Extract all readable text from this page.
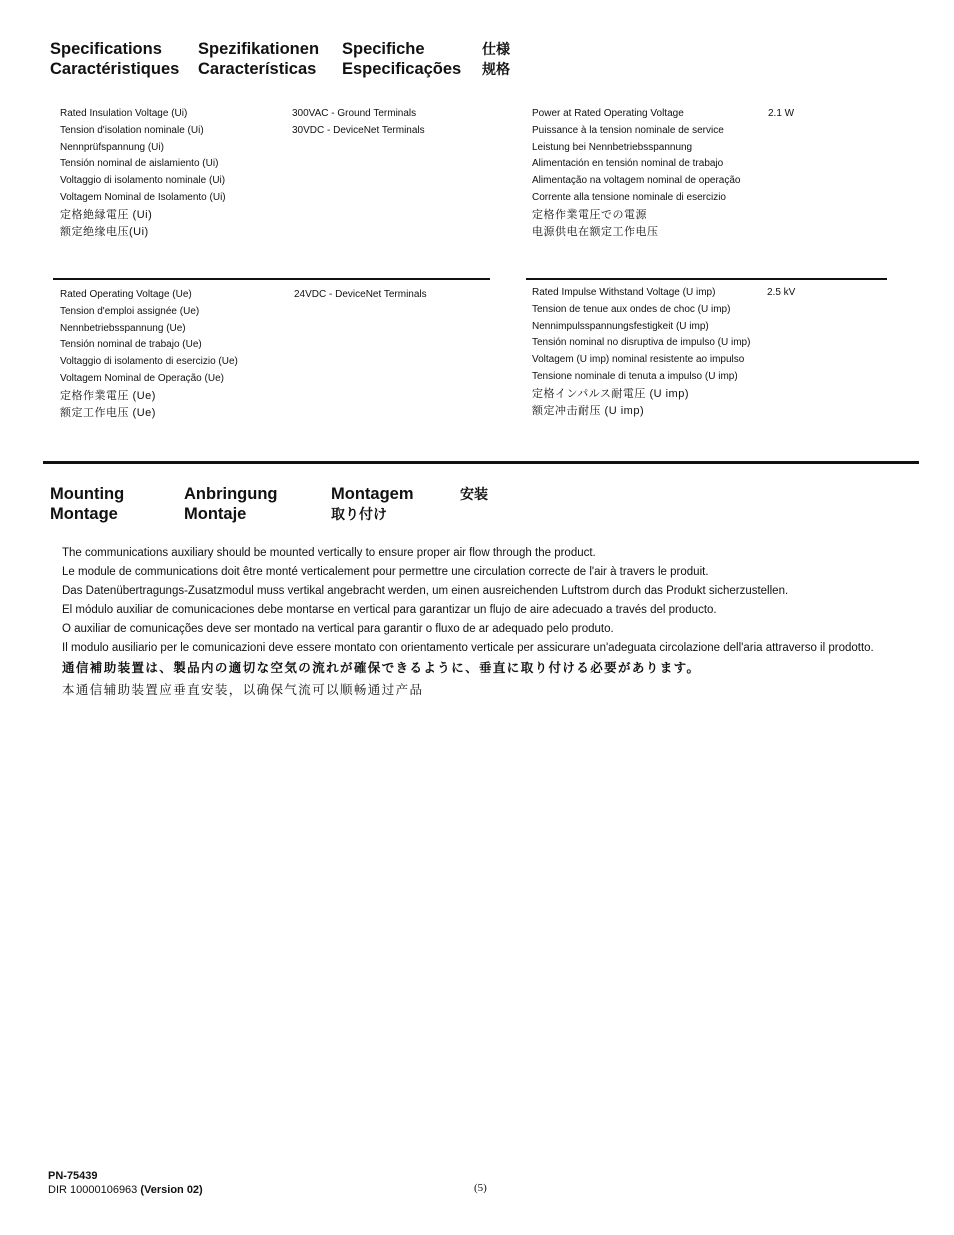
Specifications
Caractéristiques
Spezifikationen
Características
Specifiche
Especificações
仕様
规格
Rated Insulation Voltage (Ui)
Tension d'isolation nominale (Ui)
Nennprüfspannung (Ui)
Tensión nominal de aislamiento (Ui)
Voltaggio di isolamento nominale (Ui)
Voltagem Nominal de Isolamento (Ui)
定格絶縁電圧 (Ui)
额定绝缘电压(Ui)
300VAC - Ground Terminals
30VDC - DeviceNet Terminals
Power at Rated Operating Voltage
Puissance à la tension nominale de service
Leistung bei Nennbetriebsspannung
Alimentación en tensión nominal de trabajo
Alimentação na voltagem nominal de operação
Corrente alla tensione nominale di esercizio
定格作業電圧での電源
电源供电在额定工作电压
2.1 W
Rated Operating Voltage (Ue)
Tension d'emploi assignée (Ue)
Nennbetriebsspannung (Ue)
Tensión nominal de trabajo (Ue)
Voltaggio di isolamento di esercizio (Ue)
Voltagem Nominal de Operação (Ue)
定格作業電圧 (Ue)
额定工作电压 (Ue)
24VDC - DeviceNet Terminals	Rated Impulse Withstand Voltage (U imp)
Tension de tenue aux ondes de choc (U imp)
Nennimpulsspannungsfestigkeit (U imp)
Tensión nominal no disruptiva de impulso (U imp)
Voltagem (U imp) nominal resistente ao impulso
Tensione nominale di tenuta a impulso (U imp)
定格インパルス耐電圧 (U imp)
额定冲击耐压 (U imp)
2.5 kV
Mounting
Montage
Anbringung
Montaje
Montagem
取り付け
安装
The communications auxiliary should be mounted vertically to ensure proper air flow through the product.
Le module de communications doit être monté verticalement pour permettre une circulation correcte de l'air à travers le produit.
Das Datenübertragungs-Zusatzmodul muss vertikal angebracht werden, um einen ausreichenden Luftstrom durch das Produkt sicherzustellen.
El módulo auxiliar de comunicaciones debe montarse en vertical para garantizar un flujo de aire adecuado a través del producto.
O auxiliar de comunicações deve ser montado na vertical para garantir o fluxo de ar adequado pelo produto.
Il modulo ausiliario per le comunicazioni deve essere montato con orientamento verticale per assicurare un'adeguata circolazione dell'aria attraverso il prodotto.
通信補助装置は、製品内の適切な空気の流れが確保できるように、垂直に取り付ける必要があります。
本通信辅助装置应垂直安装，以确保气流可以顺畅通过产品
PN-75439
DIR 10000106963 (Version 02)	(5)
